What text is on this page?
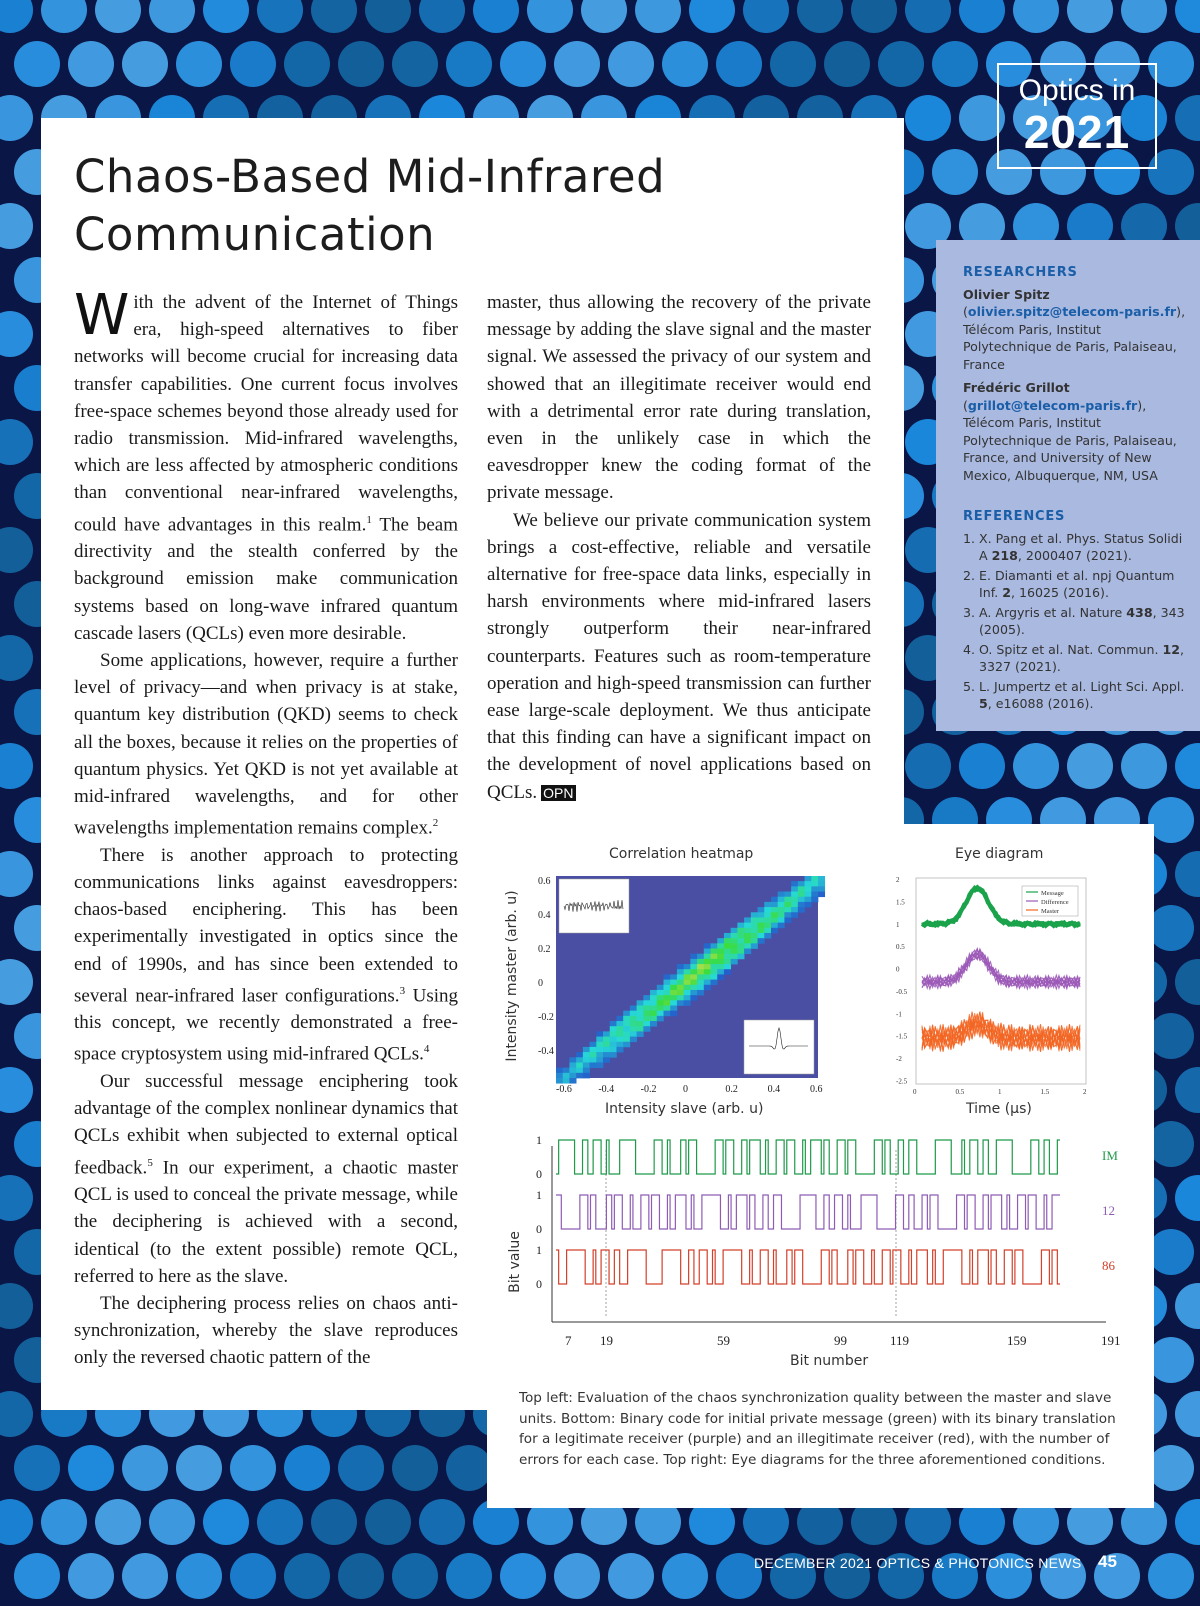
Optics in
2021
Chaos-Based Mid-Infrared Communication

With the advent of the Internet of Things era, high-speed alternatives to fiber networks will become crucial for increasing data transfer capabilities. One current focus involves free-space schemes beyond those already used for radio transmission. Mid-infrared wavelengths, which are less affected by atmospheric conditions than conventional near-infrared wavelengths, could have advantages in this realm.$^1$ The beam directivity and the stealth conferred by the background emission make communication systems based on long-wave infrared quantum cascade lasers (QCLs) even more desirable.

Some applications, however, require a further level of privacy—and when privacy is at stake, quantum key distribution (QKD) seems to check all the boxes, because it relies on the properties of quantum physics. Yet QKD is not yet available at mid-infrared wavelengths, and for other wavelengths implementation remains complex.$^2$

There is another approach to protecting communications links against eavesdroppers: chaos-based enciphering. This has been experimentally investigated in optics since the end of 1990s, and has since been extended to several near-infrared laser configurations.$^3$ Using this concept, we recently demonstrated a free-space cryptosystem using mid-infrared QCLs.$^4$

Our successful message enciphering took advantage of the complex nonlinear dynamics that QCLs exhibit when subjected to external optical feedback.$^5$ In our experiment, a chaotic master QCL is used to conceal the private message, while the deciphering is achieved with a second, identical (to the extent possible) remote QCL, referred to here as the slave.

The deciphering process relies on chaos anti-synchronization, whereby the slave reproduces only the reversed chaotic pattern of the

master, thus allowing the recovery of the private message by adding the slave signal and the master signal. We assessed the privacy of our system and showed that an illegitimate receiver would end with a detrimental error rate during translation, even in the unlikely case in which the eavesdropper knew the coding format of the private message.

We believe our private communication system brings a cost-effective, reliable and versatile alternative for free-space data links, especially in harsh environments where mid-infrared lasers strongly outperform their near-infrared counterparts. Features such as room-temperature operation and high-speed transmission can further ease large-scale deployment. We thus anticipate that this finding can have a significant impact on the development of novel applications based on QCLs. OPN

RESEARCHERS

Olivier Spitz (olivier.spitz@telecom-paris.fr), Télécom Paris, Institut Polytechnique de Paris, Palaiseau, France

Frédéric Grillot (grillot@telecom-paris.fr), Télécom Paris, Institut Polytechnique de Paris, Palaiseau, France, and University of New Mexico, Albuquerque, NM, USA

REFERENCES
1. X. Pang et al. Phys. Status Solidi A 218, 2000407 (2021).
2. E. Diamanti et al. npj Quantum Inf. 2, 16025 (2016).
3. A. Argyris et al. Nature 438, 343 (2005).
4. O. Spitz et al. Nat. Commun. 12, 3327 (2021).
5. L. Jumpertz et al. Light Sci. Appl. 5, e16088 (2016).
Correlation heatmap	Eye diagram
Intensity slave (arb. u)	Time (μs)
Bit number
Intensity master (arb. u)
Bit value
-0.6	-0.4	-0.2	0	0.2	0.4	0.6
0.6
0.4
0.2
0
-0.2
-0.4
Message
Difference
Master
0	0.5	1	1.5	2
2
1.5
1
0.5
0
-0.5
-1
-1.5
-2
-2.5
IM
0
1
12
0
1
86
0
1
7 19	59	99	119	159	191

Top left: Evaluation of the chaos synchronization quality between the master and slave units. Bottom: Binary code for initial private message (green) with its binary translation for a legitimate receiver (purple) and an illegitimate receiver (red), with the number of errors for each case. Top right: Eye diagrams for the three aforementioned conditions.

DECEMBER 2021 OPTICS & PHOTONICS NEWS 45
